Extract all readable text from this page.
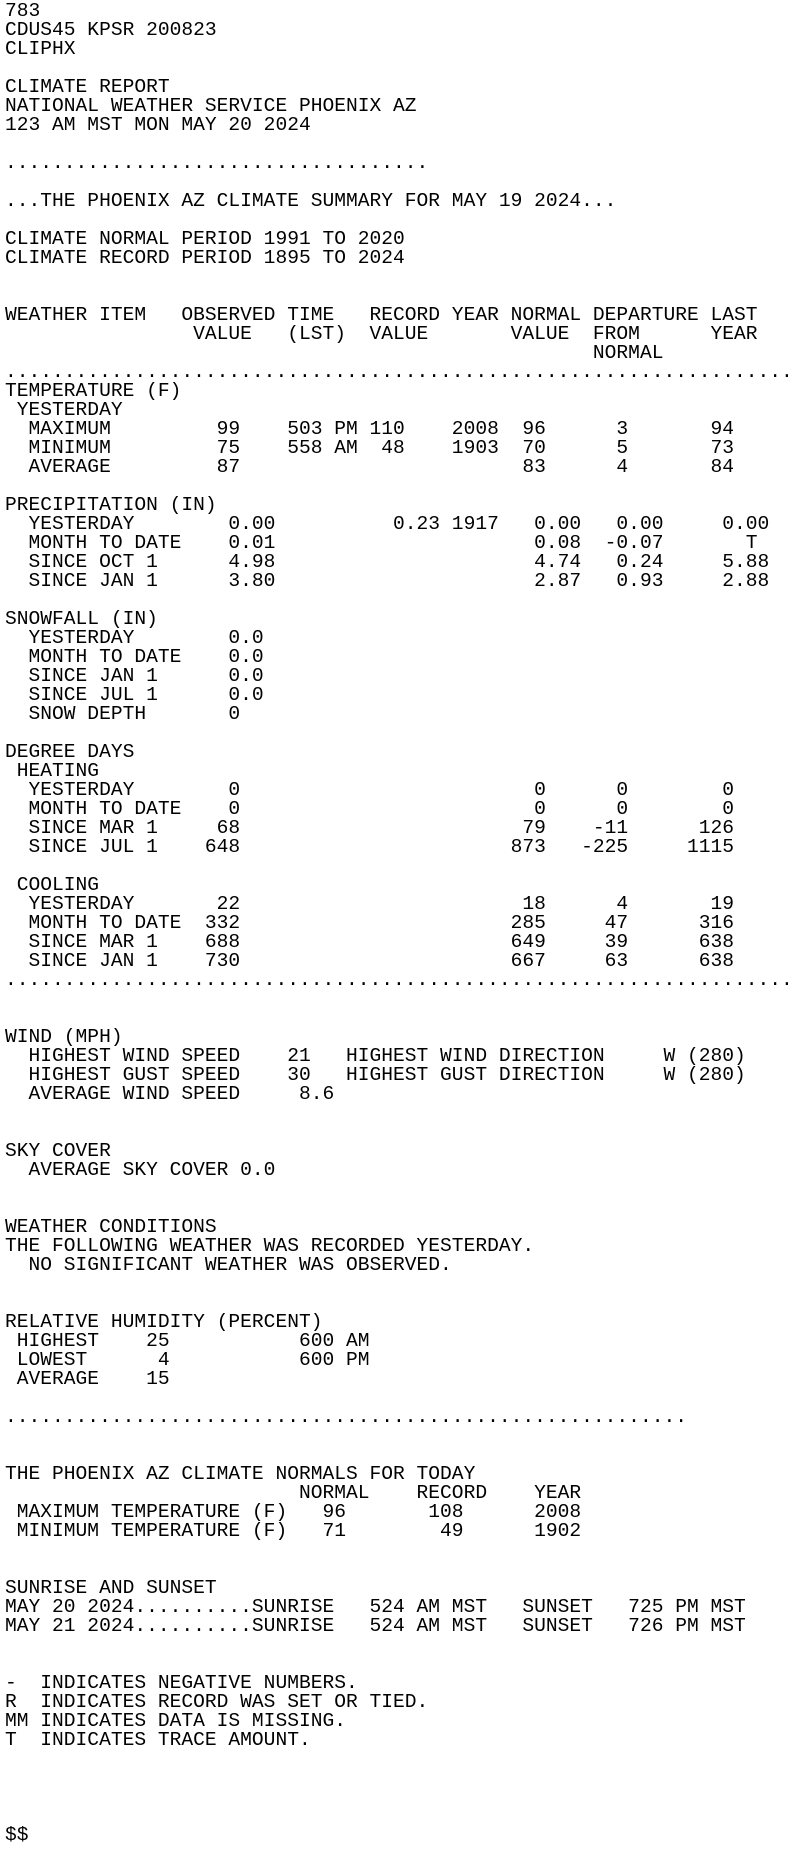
783
CDUS45 KPSR 200823
CLIPHX
CLIMATE REPORT
NATIONAL WEATHER SERVICE PHOENIX AZ
123 AM MST MON MAY 20 2024
....................................
...THE PHOENIX AZ CLIMATE SUMMARY FOR MAY 19 2024...
CLIMATE NORMAL PERIOD 1991 TO 2020
CLIMATE RECORD PERIOD 1895 TO 2024
WEATHER ITEM   OBSERVED TIME   RECORD YEAR NORMAL DEPARTURE LAST
VALUE   (LST)  VALUE       VALUE  FROM      YEAR
NORMAL
...................................................................
TEMPERATURE (F)
YESTERDAY
MAXIMUM         99    503 PM 110    2008  96      3       94
MINIMUM         75    558 AM  48    1903  70      5       73
AVERAGE         87                        83      4       84
PRECIPITATION (IN)
YESTERDAY        0.00          0.23 1917   0.00   0.00     0.00
MONTH TO DATE    0.01                      0.08  -0.07       T
SINCE OCT 1      4.98                      4.74   0.24     5.88
SINCE JAN 1      3.80                      2.87   0.93     2.88
SNOWFALL (IN)
YESTERDAY        0.0
MONTH TO DATE    0.0
SINCE JAN 1      0.0
SINCE JUL 1      0.0
SNOW DEPTH       0
DEGREE DAYS
HEATING
YESTERDAY        0                         0      0        0
MONTH TO DATE    0                         0      0        0
SINCE MAR 1     68                        79    -11      126
SINCE JUL 1    648                       873   -225     1115
COOLING
YESTERDAY       22                        18      4       19
MONTH TO DATE  332                       285     47      316
SINCE MAR 1    688                       649     39      638
SINCE JAN 1    730                       667     63      638
...................................................................
WIND (MPH)
HIGHEST WIND SPEED    21   HIGHEST WIND DIRECTION     W (280)
HIGHEST GUST SPEED    30   HIGHEST GUST DIRECTION     W (280)
AVERAGE WIND SPEED     8.6
SKY COVER
AVERAGE SKY COVER 0.0
WEATHER CONDITIONS
THE FOLLOWING WEATHER WAS RECORDED YESTERDAY.
NO SIGNIFICANT WEATHER WAS OBSERVED.
RELATIVE HUMIDITY (PERCENT)
HIGHEST    25           600 AM
LOWEST      4           600 PM
AVERAGE    15
..........................................................
THE PHOENIX AZ CLIMATE NORMALS FOR TODAY
NORMAL    RECORD    YEAR
MAXIMUM TEMPERATURE (F)   96       108      2008
MINIMUM TEMPERATURE (F)   71        49      1902
SUNRISE AND SUNSET
MAY 20 2024..........SUNRISE   524 AM MST   SUNSET   725 PM MST
MAY 21 2024..........SUNRISE   524 AM MST   SUNSET   726 PM MST
-  INDICATES NEGATIVE NUMBERS.
R  INDICATES RECORD WAS SET OR TIED.
MM INDICATES DATA IS MISSING.
T  INDICATES TRACE AMOUNT.
$$
